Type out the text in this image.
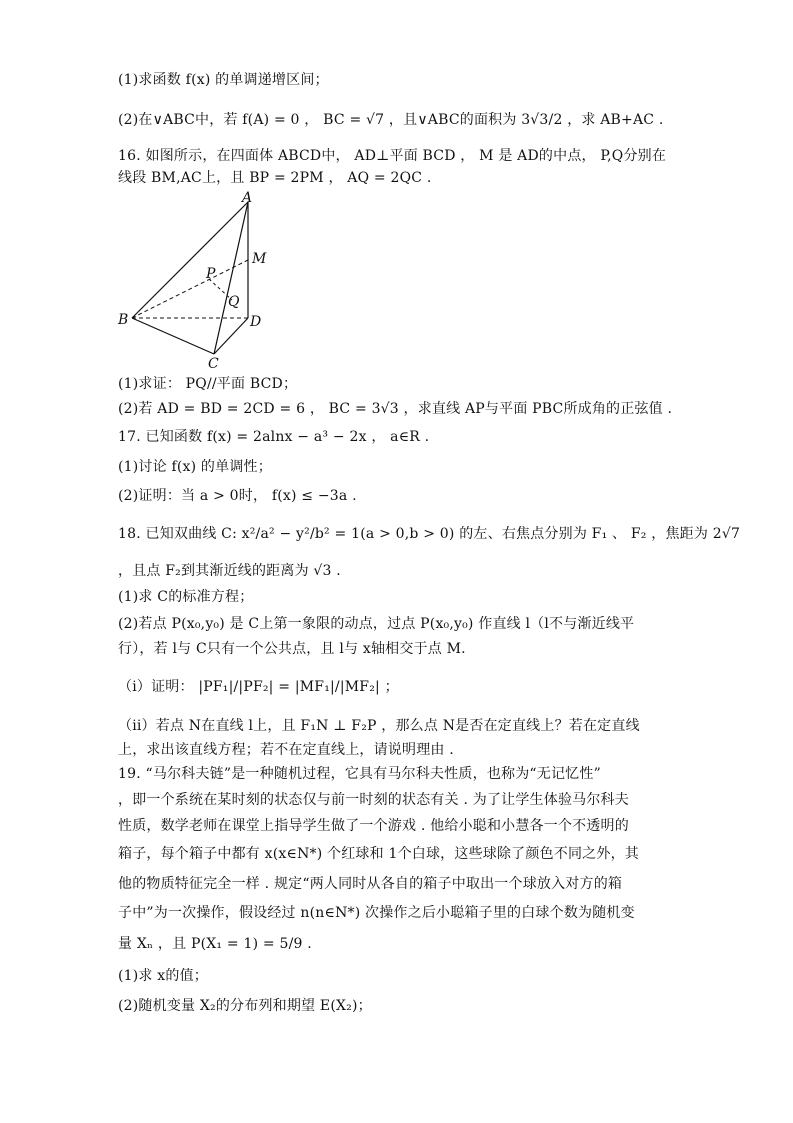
(1)求函数 f(x) 的单调递增区间；
(2)在∨ABC中，若 f(A) = 0 ， BC = √7 ，且∨ABC的面积为 3√3/2 ，求 AB+AC .
16. 如图所示，在四面体 ABCD中， AD⊥平面 BCD ， M 是 AD的中点， P,Q分别在
线段 BM,AC上，且 BP = 2PM ， AQ = 2QC .
A
M
P
Q
B	D
C
(1)求证： PQ//平面 BCD；
(2)若 AD = BD = 2CD = 6 ， BC = 3√3 ，求直线 AP与平面 PBC所成角的正弦值 .
17. 已知函数 f(x) = 2alnx − a³ − 2x ， a∈R .
(1)讨论 f(x) 的单调性；
(2)证明：当 a > 0时， f(x) ≤ −3a .
18. 已知双曲线 C: x²/a² − y²/b² = 1(a > 0,b > 0) 的左、右焦点分别为 F₁ 、 F₂ ，焦距为 2√7
，且点 F₂到其渐近线的距离为 √3 .
(1)求 C的标准方程；
(2)若点 P(x₀,y₀) 是 C上第一象限的动点，过点 P(x₀,y₀) 作直线 l（l不与渐近线平
行），若 l与 C只有一个公共点，且 l与 x轴相交于点 M.
（i）证明： |PF₁|/|PF₂| = |MF₁|/|MF₂| ；
（ii）若点 N在直线 l上，且 F₁N ⊥ F₂P ，那么点 N是否在定直线上？若在定直线
上，求出该直线方程；若不在定直线上，请说明理由 .
19. “马尔科夫链”是一种随机过程，它具有马尔科夫性质，也称为“无记忆性”
，即一个系统在某时刻的状态仅与前一时刻的状态有关 . 为了让学生体验马尔科夫
性质，数学老师在课堂上指导学生做了一个游戏 . 他给小聪和小慧各一个不透明的
箱子，每个箱子中都有 x(x∈N*) 个红球和 1个白球，这些球除了颜色不同之外，其
他的物质特征完全一样 . 规定“两人同时从各自的箱子中取出一个球放入对方的箱
子中”为一次操作，假设经过 n(n∈N*) 次操作之后小聪箱子里的白球个数为随机变
量 Xₙ ，且 P(X₁ = 1) = 5/9 .
(1)求 x的值；
(2)随机变量 X₂的分布列和期望 E(X₂)；
